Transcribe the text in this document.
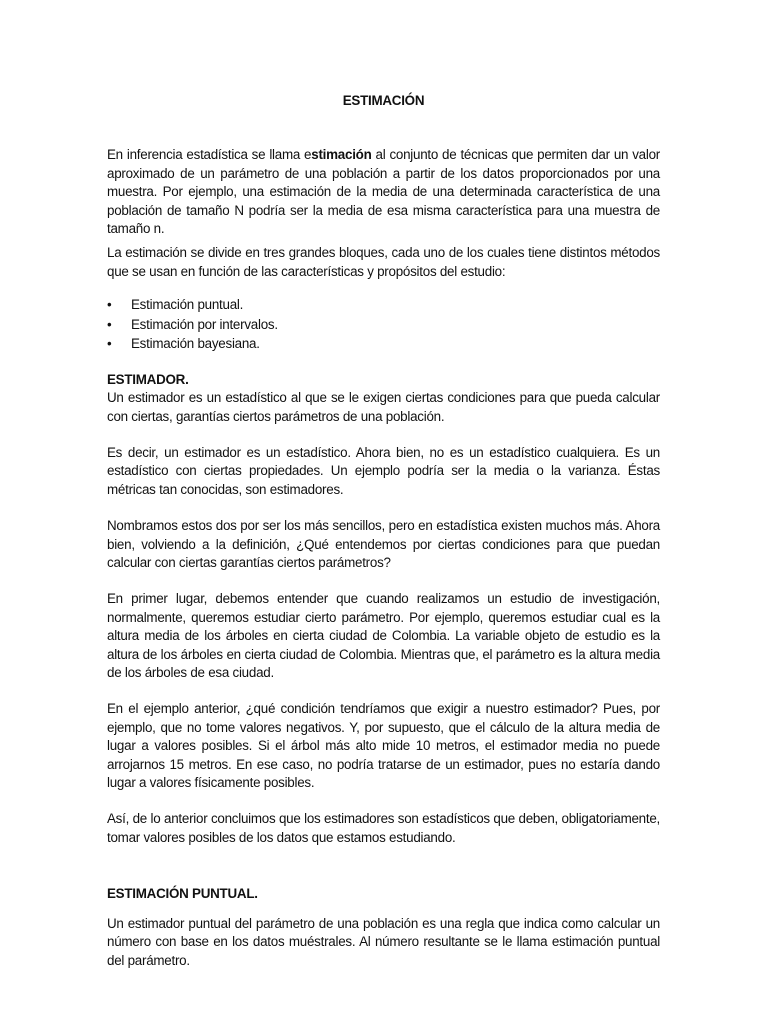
ESTIMACIÓN

En inferencia estadística se llama estimación al conjunto de técnicas que permiten dar un valor aproximado de un parámetro de una población a partir de los datos proporcionados por una muestra. Por ejemplo, una estimación de la media de una determinada característica de una población de tamaño N podría ser la media de esa misma característica para una muestra de tamaño n.

La estimación se divide en tres grandes bloques, cada uno de los cuales tiene distintos métodos que se usan en función de las características y propósitos del estudio:

• Estimación puntual.
• Estimación por intervalos.
• Estimación bayesiana.
ESTIMADOR.

Un estimador es un estadístico al que se le exigen ciertas condiciones para que pueda calcular con ciertas, garantías ciertos parámetros de una población.

Es decir, un estimador es un estadístico. Ahora bien, no es un estadístico cualquiera. Es un estadístico con ciertas propiedades. Un ejemplo podría ser la media o la varianza. Éstas métricas tan conocidas, son estimadores.

Nombramos estos dos por ser los más sencillos, pero en estadística existen muchos más. Ahora bien, volviendo a la definición, ¿Qué entendemos por ciertas condiciones para que puedan calcular con ciertas garantías ciertos parámetros?

En primer lugar, debemos entender que cuando realizamos un estudio de investigación, normalmente, queremos estudiar cierto parámetro. Por ejemplo, queremos estudiar cual es la altura media de los árboles en cierta ciudad de Colombia. La variable objeto de estudio es la altura de los árboles en cierta ciudad de Colombia. Mientras que, el parámetro es la altura media de los árboles de esa ciudad.

En el ejemplo anterior, ¿qué condición tendríamos que exigir a nuestro estimador? Pues, por ejemplo, que no tome valores negativos. Y, por supuesto, que el cálculo de la altura media de lugar a valores posibles. Si el árbol más alto mide 10 metros, el estimador media no puede arrojarnos 15 metros. En ese caso, no podría tratarse de un estimador, pues no estaría dando lugar a valores físicamente posibles.

Así, de lo anterior concluimos que los estimadores son estadísticos que deben, obligatoriamente, tomar valores posibles de los datos que estamos estudiando.

ESTIMACIÓN PUNTUAL.

Un estimador puntual del parámetro de una población es una regla que indica como calcular un número con base en los datos muéstrales. Al número resultante se le llama estimación puntual del parámetro.
